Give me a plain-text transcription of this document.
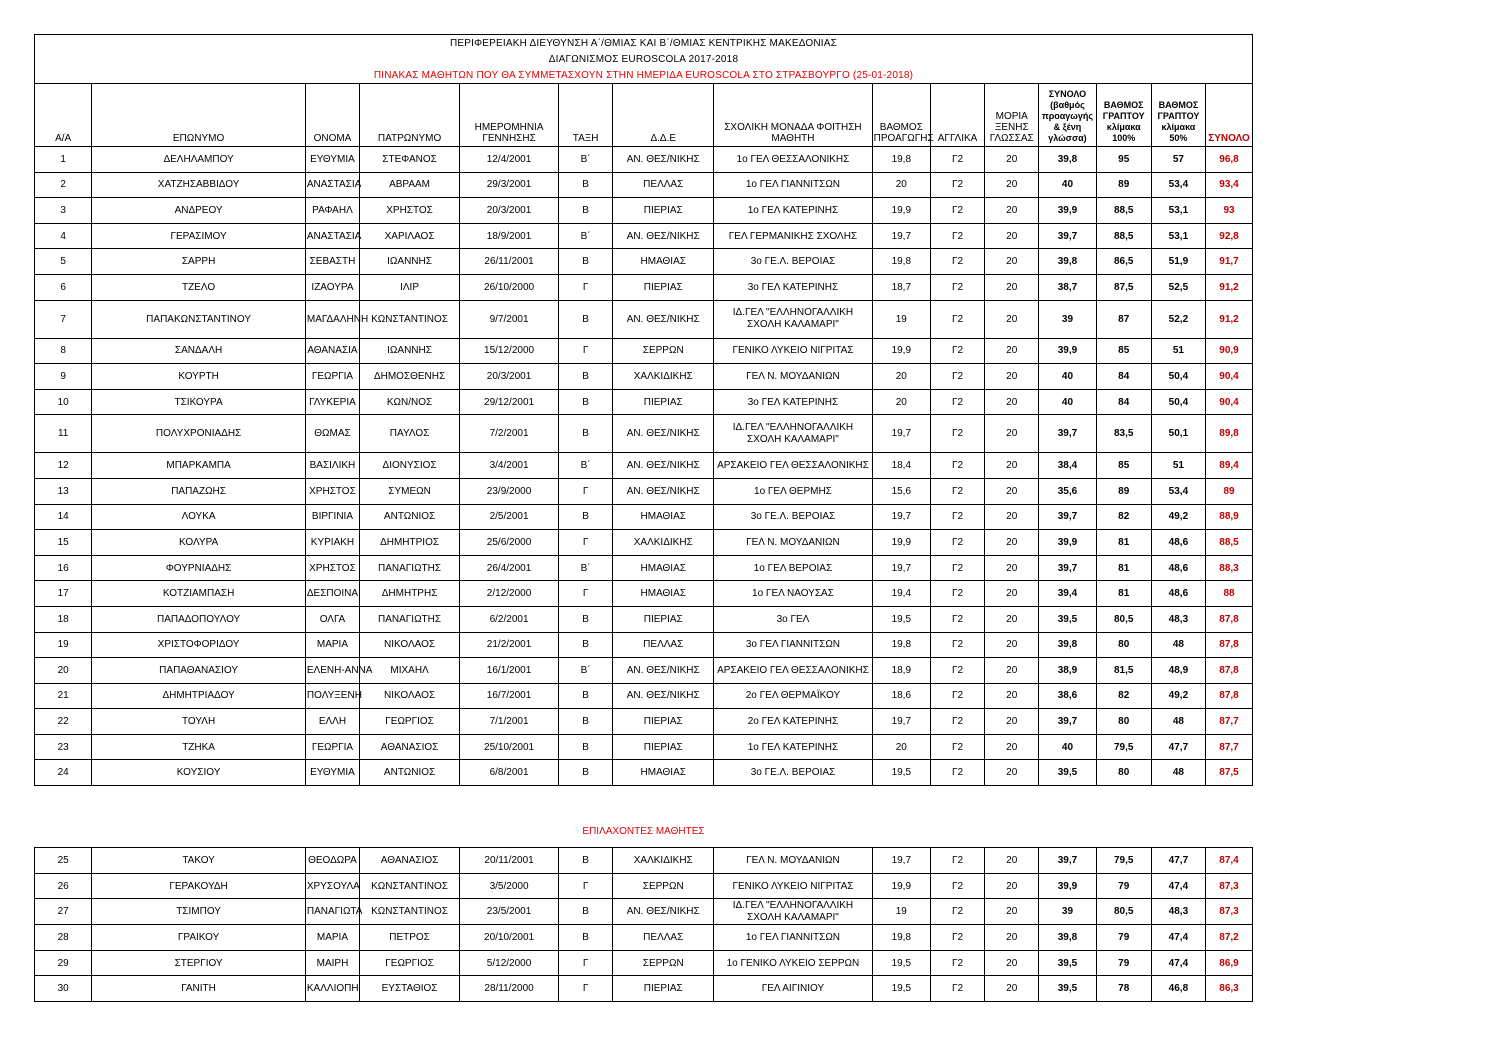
ΠΕΡΙΦΕΡΕΙΑΚΗ ΔΙΕΥΘΥΝΣΗ Α΄/ΘΜΙΑΣ ΚΑΙ Β΄/ΘΜΙΑΣ ΚΕΝΤΡΙΚΗΣ ΜΑΚΕΔΟΝΙΑΣ														
ΔΙΑΓΩΝΙΣΜΟΣ EUROSCOLA 2017-2018														
ΠΙΝΑΚΑΣ ΜΑΘΗΤΩΝ ΠΟΥ ΘΑ ΣΥΜΜΕΤΑΣΧΟΥΝ ΣΤΗΝ ΗΜΕΡΙΔΑ EUROSCOLA ΣΤΟ ΣΤΡΑΣΒΟΥΡΓΟ (25-01-2018)														
Α/Α	ΕΠΩΝΥΜΟ	ΟΝΟΜΑ	ΠΑΤΡΩΝΥΜΟ	ΗΜΕΡΟΜΗΝΙΑ ΓΕΝΝΗΣΗΣ	ΤΑΞΗ	Δ.Δ.Ε	ΣΧΟΛΙΚΗ ΜΟΝΑΔΑ ΦΟΙΤΗΣΗ ΜΑΘΗΤΗ	ΒΑΘΜΟΣ ΠΡΟΑΓΩΓΗΣ	ΑΓΓΛΙΚΑ	ΜΟΡΙΑ ΞΕΝΗΣ ΓΛΩΣΣΑΣ	ΣΥΝΟΛΟ (βαθμός προαγωγής & ξένη γλώσσα)	ΒΑΘΜΟΣ ΓΡΑΠΤΟΥ κλίμακα 100%	ΒΑΘΜΟΣ ΓΡΑΠΤΟΥ κλίμακα 50%	ΣΥΝΟΛΟ
1	ΔΕΛΗΛΑΜΠΟΥ	ΕΥΘΥΜΙΑ	ΣΤΕΦΑΝΟΣ	12/4/2001	Β΄	ΑΝ. ΘΕΣ/ΝΙΚΗΣ	1ο ΓΕΛ ΘΕΣΣΑΛΟΝΙΚΗΣ	19,8	Γ2	20	39,8	95	57	96,8
2	ΧΑΤΖΗΣΑΒΒΙΔΟΥ	ΑΝΑΣΤΑΣΙΑ	ΑΒΡΑΑΜ	29/3/2001	Β	ΠΕΛΛΑΣ	1ο ΓΕΛ ΓΙΑΝΝΙΤΣΩΝ	20	Γ2	20	40	89	53,4	93,4
3	ΑΝΔΡΕΟΥ	ΡΑΦΑΗΛ	ΧΡΗΣΤΟΣ	20/3/2001	Β	ΠΙΕΡΙΑΣ	1ο ΓΕΛ ΚΑΤΕΡΙΝΗΣ	19,9	Γ2	20	39,9	88,5	53,1	93
4	ΓΕΡΑΣΙΜΟΥ	ΑΝΑΣΤΑΣΙΑ	ΧΑΡΙΛΑΟΣ	18/9/2001	Β΄	ΑΝ. ΘΕΣ/ΝΙΚΗΣ	ΓΕΛ ΓΕΡΜΑΝΙΚΗΣ ΣΧΟΛΗΣ	19,7	Γ2	20	39,7	88,5	53,1	92,8
5	ΣΑΡΡΗ	ΣΕΒΑΣΤΗ	ΙΩΑΝΝΗΣ	26/11/2001	Β	ΗΜΑΘΙΑΣ	3ο ΓΕ.Λ. ΒΕΡΟΙΑΣ	19,8	Γ2	20	39,8	86,5	51,9	91,7
6	ΤΖΕΛΟ	ΙΖΑΟΥΡΑ	ΙΛΙΡ	26/10/2000	Γ	ΠΙΕΡΙΑΣ	3ο ΓΕΛ ΚΑΤΕΡΙΝΗΣ	18,7	Γ2	20	38,7	87,5	52,5	91,2
7	ΠΑΠΑΚΩΝΣΤΑΝΤΙΝΟΥ	ΜΑΓΔΑΛΗΝΗ	ΚΩΝΣΤΑΝΤΙΝΟΣ	9/7/2001	Β	ΑΝ. ΘΕΣ/ΝΙΚΗΣ	ΙΔ.ΓΕΛ "ΕΛΛΗΝΟΓΑΛΛΙΚΗ ΣΧΟΛΗ ΚΑΛΑΜΑΡΙ"	19	Γ2	20	39	87	52,2	91,2
8	ΣΑΝΔΑΛΗ	ΑΘΑΝΑΣΙΑ	ΙΩΑΝΝΗΣ	15/12/2000	Γ	ΣΕΡΡΩΝ	ΓΕΝΙΚΟ ΛΥΚΕΙΟ ΝΙΓΡΙΤΑΣ	19,9	Γ2	20	39,9	85	51	90,9
9	ΚΟΥΡΤΗ	ΓΕΩΡΓΙΑ	ΔΗΜΟΣΘΕΝΗΣ	20/3/2001	Β	ΧΑΛΚΙΔΙΚΗΣ	ΓΕΛ Ν. ΜΟΥΔΑΝΙΩΝ	20	Γ2	20	40	84	50,4	90,4
10	ΤΣΙΚΟΥΡΑ	ΓΛΥΚΕΡΙΑ	ΚΩΝ/ΝΟΣ	29/12/2001	Β	ΠΙΕΡΙΑΣ	3ο ΓΕΛ ΚΑΤΕΡΙΝΗΣ	20	Γ2	20	40	84	50,4	90,4
11	ΠΟΛΥΧΡΟΝΙΑΔΗΣ	ΘΩΜΑΣ	ΠΑΥΛΟΣ	7/2/2001	Β	ΑΝ. ΘΕΣ/ΝΙΚΗΣ	ΙΔ.ΓΕΛ "ΕΛΛΗΝΟΓΑΛΛΙΚΗ ΣΧΟΛΗ ΚΑΛΑΜΑΡΙ"	19,7	Γ2	20	39,7	83,5	50,1	89,8
12	ΜΠΑΡΚΑΜΠΑ	ΒΑΣΙΛΙΚΗ	ΔΙΟΝΥΣΙΟΣ	3/4/2001	Β΄	ΑΝ. ΘΕΣ/ΝΙΚΗΣ	ΑΡΣΑΚΕΙΟ ΓΕΛ ΘΕΣΣΑΛΟΝΙΚΗΣ	18,4	Γ2	20	38,4	85	51	89,4
13	ΠΑΠΑΖΩΗΣ	ΧΡΗΣΤΟΣ	ΣΥΜΕΩΝ	23/9/2000	Γ	ΑΝ. ΘΕΣ/ΝΙΚΗΣ	1ο ΓΕΛ ΘΕΡΜΗΣ	15,6	Γ2	20	35,6	89	53,4	89
14	ΛΟΥΚΑ	ΒΙΡΓΙΝΙΑ	ΑΝΤΩΝΙΟΣ	2/5/2001	Β	ΗΜΑΘΙΑΣ	3ο ΓΕ.Λ. ΒΕΡΟΙΑΣ	19,7	Γ2	20	39,7	82	49,2	88,9
15	ΚΟΛΥΡΑ	ΚΥΡΙΑΚΗ	ΔΗΜΗΤΡΙΟΣ	25/6/2000	Γ	ΧΑΛΚΙΔΙΚΗΣ	ΓΕΛ Ν. ΜΟΥΔΑΝΙΩΝ	19,9	Γ2	20	39,9	81	48,6	88,5
16	ΦΟΥΡΝΙΑΔΗΣ	ΧΡΗΣΤΟΣ	ΠΑΝΑΓΙΩΤΗΣ	26/4/2001	Β΄	ΗΜΑΘΙΑΣ	1ο ΓΕΛ ΒΕΡΟΙΑΣ	19,7	Γ2	20	39,7	81	48,6	88,3
17	ΚΟΤΖΙΑΜΠΑΣΗ	ΔΕΣΠΟΙΝΑ	ΔΗΜΗΤΡΗΣ	2/12/2000	Γ	ΗΜΑΘΙΑΣ	1ο ΓΕΛ ΝΑΟΥΣΑΣ	19,4	Γ2	20	39,4	81	48,6	88
18	ΠΑΠΑΔΟΠΟΥΛΟΥ	ΟΛΓΑ	ΠΑΝΑΓΙΩΤΗΣ	6/2/2001	Β	ΠΙΕΡΙΑΣ	3ο ΓΕΛ	19,5	Γ2	20	39,5	80,5	48,3	87,8
19	ΧΡΙΣΤΟΦΟΡΙΔΟΥ	ΜΑΡΙΑ	ΝΙΚΟΛΑΟΣ	21/2/2001	Β	ΠΕΛΛΑΣ	3ο ΓΕΛ ΓΙΑΝΝΙΤΣΩΝ	19,8	Γ2	20	39,8	80	48	87,8
20	ΠΑΠΑΘΑΝΑΣΙΟΥ	ΕΛΕΝΗ-ΑΝΝΑ	ΜΙΧΑΗΛ	16/1/2001	Β΄	ΑΝ. ΘΕΣ/ΝΙΚΗΣ	ΑΡΣΑΚΕΙΟ ΓΕΛ ΘΕΣΣΑΛΟΝΙΚΗΣ	18,9	Γ2	20	38,9	81,5	48,9	87,8
21	ΔΗΜΗΤΡΙΑΔΟΥ	ΠΟΛΥΞΕΝΗ	ΝΙΚΟΛΑΟΣ	16/7/2001	Β	ΑΝ. ΘΕΣ/ΝΙΚΗΣ	2ο ΓΕΛ ΘΕΡΜΑΪΚΟΥ	18,6	Γ2	20	38,6	82	49,2	87,8
22	ΤΟΥΛΗ	ΕΛΛΗ	ΓΕΩΡΓΙΟΣ	7/1/2001	Β	ΠΙΕΡΙΑΣ	2ο ΓΕΛ ΚΑΤΕΡΙΝΗΣ	19,7	Γ2	20	39,7	80	48	87,7
23	ΤΖΗΚΑ	ΓΕΩΡΓΙΑ	ΑΘΑΝΑΣΙΟΣ	25/10/2001	Β	ΠΙΕΡΙΑΣ	1ο ΓΕΛ ΚΑΤΕΡΙΝΗΣ	20	Γ2	20	40	79,5	47,7	87,7
24	ΚΟΥΣΙΟΥ	ΕΥΘΥΜΙΑ	ΑΝΤΩΝΙΟΣ	6/8/2001	Β	ΗΜΑΘΙΑΣ	3ο ΓΕ.Λ. ΒΕΡΟΙΑΣ	19,5	Γ2	20	39,5	80	48	87,5
ΕΠΙΛΑΧΟΝΤΕΣ ΜΑΘΗΤΕΣ
25	ΤΑΚΟΥ	ΘΕΟΔΩΡΑ	ΑΘΑΝΑΣΙΟΣ	20/11/2001	Β	ΧΑΛΚΙΔΙΚΗΣ	ΓΕΛ Ν. ΜΟΥΔΑΝΙΩΝ	19,7	Γ2	20	39,7	79,5	47,7	87,4
26	ΓΕΡΑΚΟΥΔΗ	ΧΡΥΣΟΥΛΑ	ΚΩΝΣΤΑΝΤΙΝΟΣ	3/5/2000	Γ	ΣΕΡΡΩΝ	ΓΕΝΙΚΟ ΛΥΚΕΙΟ ΝΙΓΡΙΤΑΣ	19,9	Γ2	20	39,9	79	47,4	87,3
27	ΤΣΙΜΠΟΥ	ΠΑΝΑΓΙΩΤΑ	ΚΩΝΣΤΑΝΤΙΝΟΣ	23/5/2001	Β	ΑΝ. ΘΕΣ/ΝΙΚΗΣ	ΙΔ.ΓΕΛ "ΕΛΛΗΝΟΓΑΛΛΙΚΗ ΣΧΟΛΗ ΚΑΛΑΜΑΡΙ"	19	Γ2	20	39	80,5	48,3	87,3
28	ΓΡΑΙΚΟΥ	ΜΑΡΙΑ	ΠΕΤΡΟΣ	20/10/2001	Β	ΠΕΛΛΑΣ	1ο ΓΕΛ ΓΙΑΝΝΙΤΣΩΝ	19,8	Γ2	20	39,8	79	47,4	87,2
29	ΣΤΕΡΓΙΟΥ	ΜΑΙΡΗ	ΓΕΩΡΓΙΟΣ	5/12/2000	Γ	ΣΕΡΡΩΝ	1ο ΓΕΝΙΚΟ ΛΥΚΕΙΟ ΣΕΡΡΩΝ	19,5	Γ2	20	39,5	79	47,4	86,9
30	ΓΑΝΙΤΗ	ΚΑΛΛΙΟΠΗ	ΕΥΣΤΑΘΙΟΣ	28/11/2000	Γ	ΠΙΕΡΙΑΣ	ΓΕΛ ΑΙΓΙΝΙΟΥ	19,5	Γ2	20	39,5	78	46,8	86,3
